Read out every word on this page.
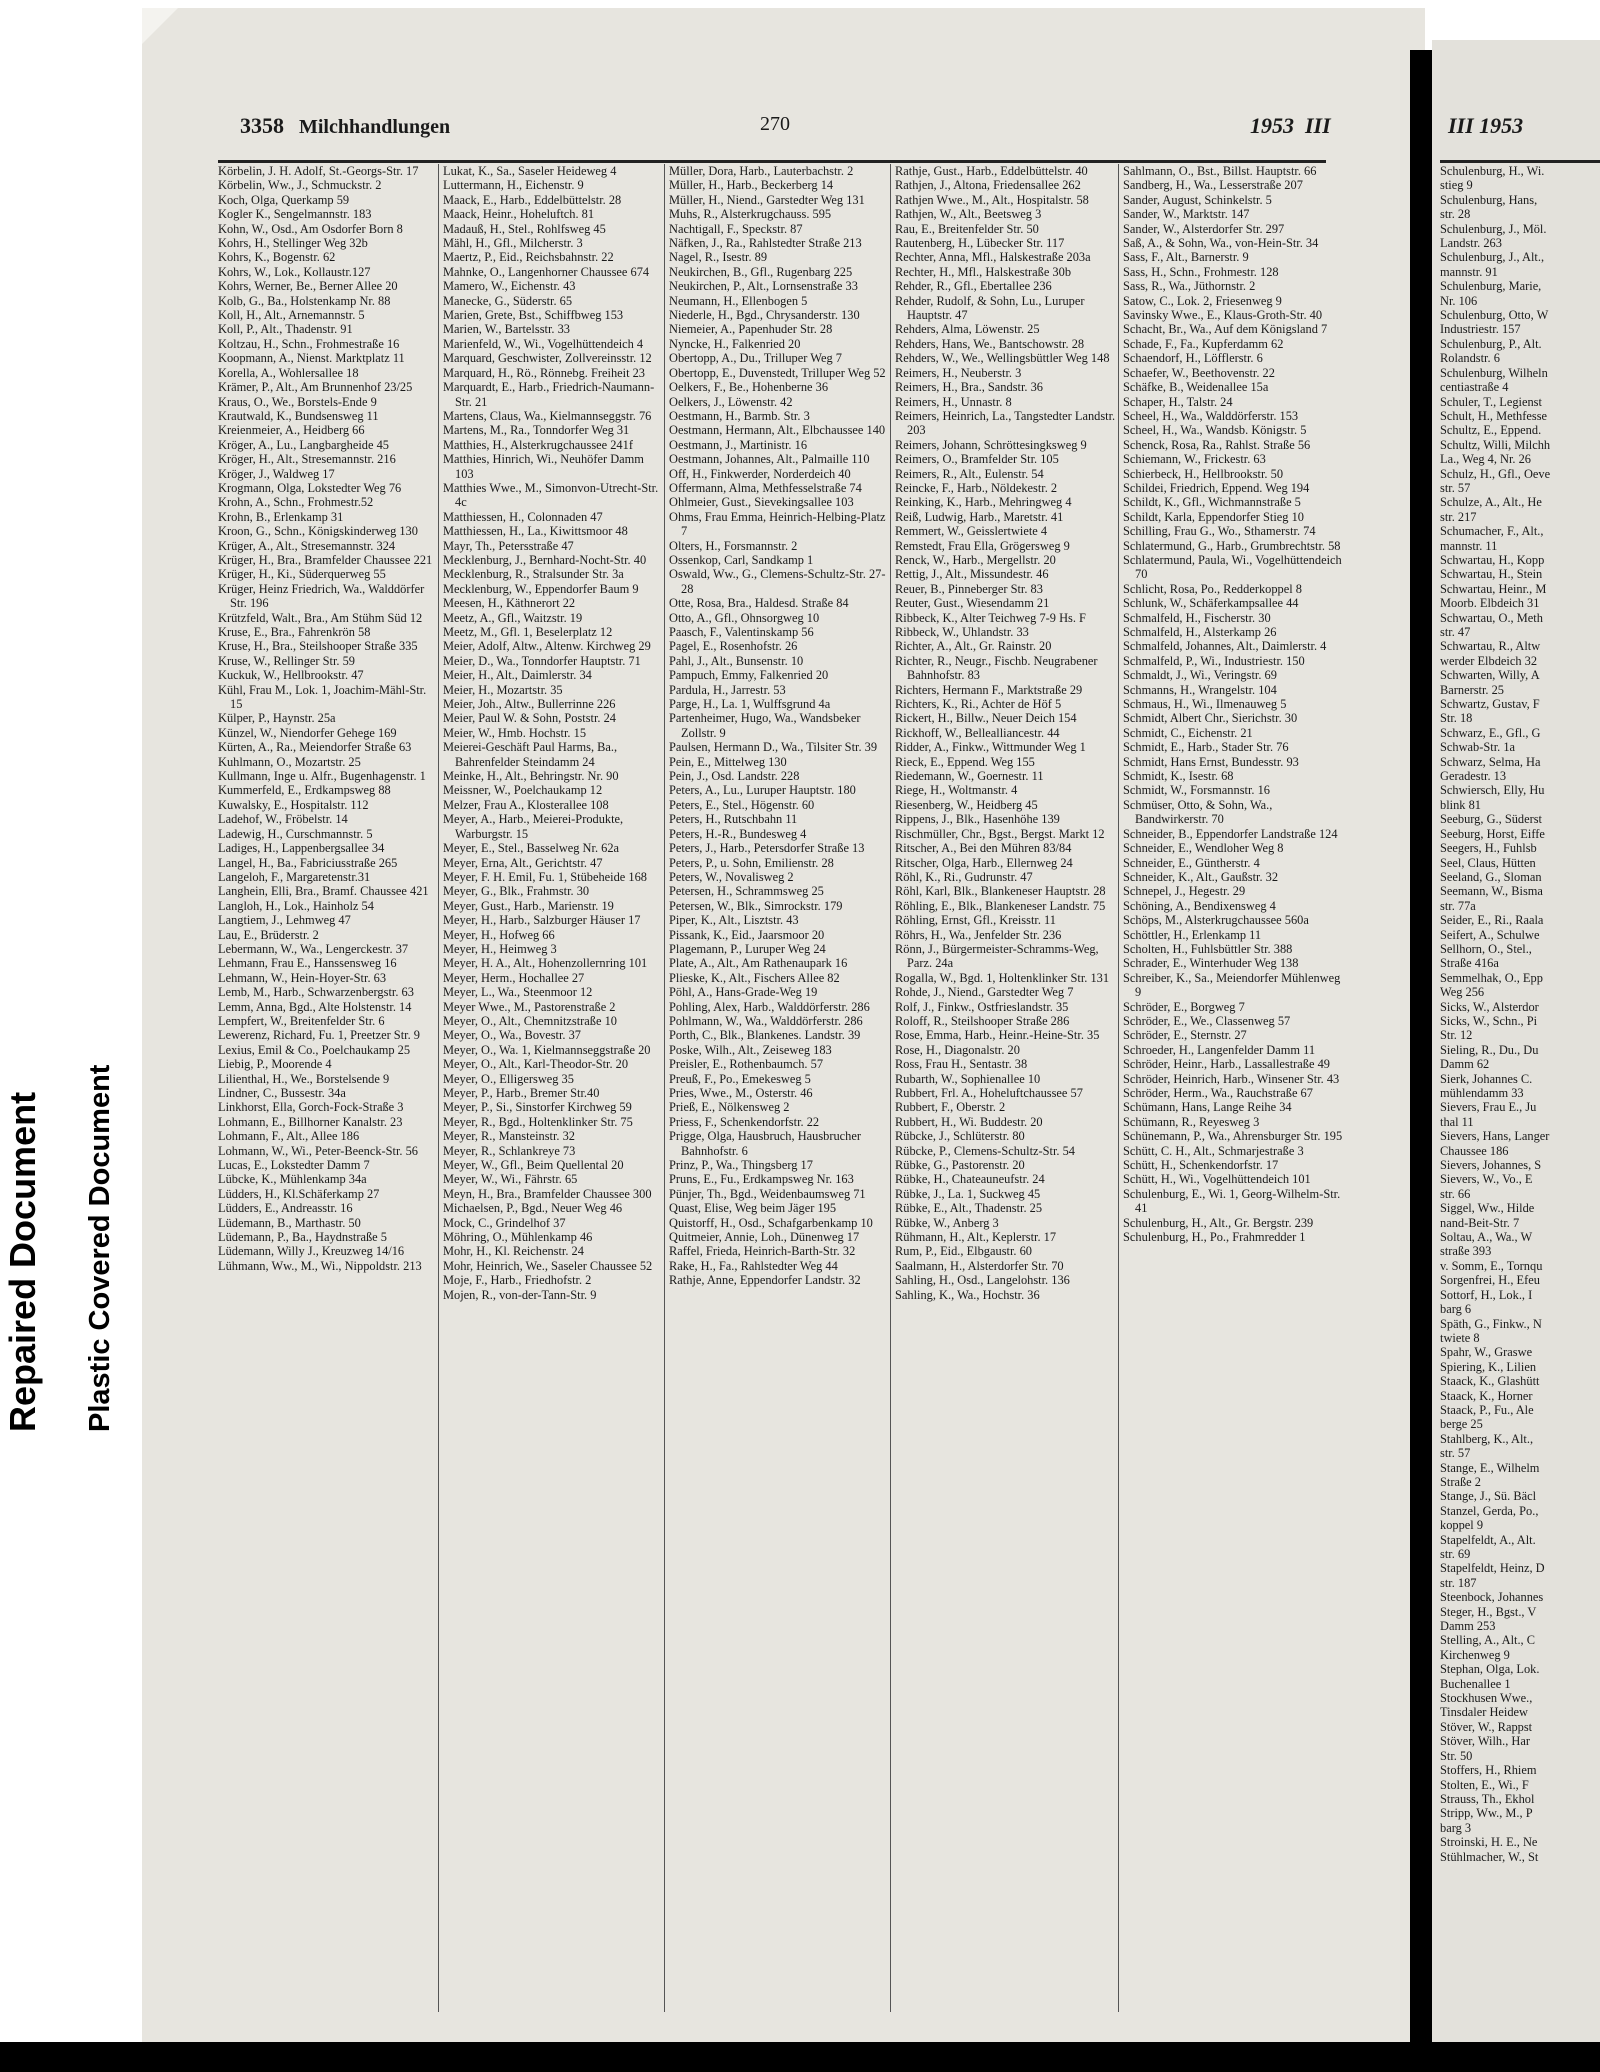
3358 Milchhandlungen	270	1953 III	III 1953

Körbelin, J. H. Adolf, St.-Georgs-Str. 17

Körbelin, Ww., J., Schmuckstr. 2

Koch, Olga, Querkamp 59

Kogler K., Sengelmannstr. 183

Kohn, W., Osd., Am Osdorfer Born 8

Kohrs, H., Stellinger Weg 32b

Kohrs, K., Bogenstr. 62

Kohrs, W., Lok., Kollaustr.127

Kohrs, Werner, Be., Berner Allee 20

Kolb, G., Ba., Holstenkamp Nr. 88

Koll, H., Alt., Arnemannstr. 5

Koll, P., Alt., Thadenstr. 91

Koltzau, H., Schn., Frohmestraße 16

Koopmann, A., Nienst. Marktplatz 11

Korella, A., Wohlersallee 18

Krämer, P., Alt., Am Brunnenhof 23/25

Kraus, O., We., Borstels-Ende 9

Krautwald, K., Bundsensweg 11

Kreienmeier, A., Heidberg 66

Kröger, A., Lu., Langbargheide 45

Kröger, H., Alt., Stresemannstr. 216

Kröger, J., Waldweg 17

Krogmann, Olga, Lokstedter Weg 76

Krohn, A., Schn., Frohmestr.52

Krohn, B., Erlenkamp 31

Kroon, G., Schn., Königskinderweg 130

Krüger, A., Alt., Stresemannstr. 324

Krüger, H., Bra., Bramfelder Chaussee 221

Krüger, H., Ki., Süderquerweg 55

Krüger, Heinz Friedrich, Wa., Walddörfer Str. 196

Krützfeld, Walt., Bra., Am Stühm Süd 12

Kruse, E., Bra., Fahrenkrön 58

Kruse, H., Bra., Steilshooper Straße 335

Kruse, W., Rellinger Str. 59

Kuckuk, W., Hellbrookstr. 47

Kühl, Frau M., Lok. 1, Joachim-Mähl-Str. 15

Külper, P., Haynstr. 25a

Künzel, W., Niendorfer Gehege 169

Kürten, A., Ra., Meiendorfer Straße 63

Kuhlmann, O., Mozartstr. 25

Kullmann, Inge u. Alfr., Bugenhagenstr. 1

Kummerfeld, E., Erdkampsweg 88

Kuwalsky, E., Hospitalstr. 112

Ladehof, W., Fröbelstr. 14

Ladewig, H., Curschmannstr. 5

Ladiges, H., Lappenbergsallee 34

Langel, H., Ba., Fabriciusstraße 265

Langeloh, F., Margaretenstr.31

Langhein, Elli, Bra., Bramf. Chaussee 421

Langloh, H., Lok., Hainholz 54

Langtiem, J., Lehmweg 47

Lau, E., Brüderstr. 2

Lebermann, W., Wa., Lengerckestr. 37

Lehmann, Frau E., Hanssensweg 16

Lehmann, W., Hein-Hoyer-Str. 63

Lemb, M., Harb., Schwarzenbergstr. 63

Lemm, Anna, Bgd., Alte Holstenstr. 14

Lempfert, W., Breitenfelder Str. 6

Lewerenz, Richard, Fu. 1, Preetzer Str. 9

Lexius, Emil & Co., Poelchaukamp 25

Liebig, P., Moorende 4

Lilienthal, H., We., Borstelsende 9

Lindner, C., Bussestr. 34a

Linkhorst, Ella, Gorch-Fock-Straße 3

Lohmann, E., Billhorner Kanalstr. 23

Lohmann, F., Alt., Allee 186

Lohmann, W., Wi., Peter-Beenck-Str. 56

Lucas, E., Lokstedter Damm 7

Lübcke, K., Mühlenkamp 34a

Lüdders, H., Kl.Schäferkamp 27

Lüdders, E., Andreasstr. 16

Lüdemann, B., Marthastr. 50

Lüdemann, P., Ba., Haydnstraße 5

Lüdemann, Willy J., Kreuzweg 14/16

Lühmann, Ww., M., Wi., Nippoldstr. 213

Lukat, K., Sa., Saseler Heideweg 4

Luttermann, H., Eichenstr. 9

Maack, E., Harb., Eddelbüttelstr. 28

Maack, Heinr., Hoheluftch. 81

Madauß, H., Stel., Rohlfsweg 45

Mähl, H., Gfl., Milcherstr. 3

Maertz, P., Eid., Reichsbahnstr. 22

Mahnke, O., Langenhorner Chaussee 674

Mamero, W., Eichenstr. 43

Manecke, G., Süderstr. 65

Marien, Grete, Bst., Schiffbweg 153

Marien, W., Bartelsstr. 33

Marienfeld, W., Wi., Vogelhüttendeich 4

Marquard, Geschwister, Zollvereinsstr. 12

Marquard, H., Rö., Rönnebg. Freiheit 23

Marquardt, E., Harb., Friedrich-Naumann-Str. 21

Martens, Claus, Wa., Kielmannseggstr. 76

Martens, M., Ra., Tonndorfer Weg 31

Matthies, H., Alsterkrugchaussee 241f

Matthies, Hinrich, Wi., Neuhöfer Damm 103

Matthies Wwe., M., Simonvon-Utrecht-Str. 4c

Matthiessen, H., Colonnaden 47

Matthiessen, H., La., Kiwittsmoor 48

Mayr, Th., Petersstraße 47

Mecklenburg, J., Bernhard-Nocht-Str. 40

Mecklenburg, R., Stralsunder Str. 3a

Mecklenburg, W., Eppendorfer Baum 9

Meesen, H., Käthnerort 22

Meetz, A., Gfl., Waitzstr. 19

Meetz, M., Gfl. 1, Beselerplatz 12

Meier, Adolf, Altw., Altenw. Kirchweg 29

Meier, D., Wa., Tonndorfer Hauptstr. 71

Meier, H., Alt., Daimlerstr. 34

Meier, H., Mozartstr. 35

Meier, Joh., Altw., Bullerrinne 226

Meier, Paul W. & Sohn, Poststr. 24

Meier, W., Hmb. Hochstr. 15

Meierei-Geschäft Paul Harms, Ba., Bahrenfelder Steindamm 24

Meinke, H., Alt., Behringstr. Nr. 90

Meissner, W., Poelchaukamp 12

Melzer, Frau A., Klosterallee 108

Meyer, A., Harb., Meierei-Produkte, Warburgstr. 15

Meyer, E., Stel., Basselweg Nr. 62a

Meyer, Erna, Alt., Gerichtstr. 47

Meyer, F. H. Emil, Fu. 1, Stübeheide 168

Meyer, G., Blk., Frahmstr. 30

Meyer, Gust., Harb., Marienstr. 19

Meyer, H., Harb., Salzburger Häuser 17

Meyer, H., Hofweg 66

Meyer, H., Heimweg 3

Meyer, H. A., Alt., Hohenzollernring 101

Meyer, Herm., Hochallee 27

Meyer, L., Wa., Steenmoor 12

Meyer Wwe., M., Pastorenstraße 2

Meyer, O., Alt., Chemnitzstraße 10

Meyer, O., Wa., Bovestr. 37

Meyer, O., Wa. 1, Kielmannseggstraße 20

Meyer, O., Alt., Karl-Theodor-Str. 20

Meyer, O., Elligersweg 35

Meyer, P., Harb., Bremer Str.40

Meyer, P., Si., Sinstorfer Kirchweg 59

Meyer, R., Bgd., Holtenklinker Str. 75

Meyer, R., Mansteinstr. 32

Meyer, R., Schlankreye 73

Meyer, W., Gfl., Beim Quellental 20

Meyer, W., Wi., Fährstr. 65

Meyn, H., Bra., Bramfelder Chaussee 300

Michaelsen, P., Bgd., Neuer Weg 46

Mock, C., Grindelhof 37

Möhring, O., Mühlenkamp 46

Mohr, H., Kl. Reichenstr. 24

Mohr, Heinrich, We., Saseler Chaussee 52

Moje, F., Harb., Friedhofstr. 2

Mojen, R., von-der-Tann-Str. 9

Müller, Dora, Harb., Lauterbachstr. 2

Müller, H., Harb., Beckerberg 14

Müller, H., Niend., Garstedter Weg 131

Muhs, R., Alsterkrugchauss. 595

Nachtigall, F., Speckstr. 87

Näfken, J., Ra., Rahlstedter Straße 213

Nagel, R., Isestr. 89

Neukirchen, B., Gfl., Rugenbarg 225

Neukirchen, P., Alt., Lornsenstraße 33

Neumann, H., Ellenbogen 5

Niederle, H., Bgd., Chrysanderstr. 130

Niemeier, A., Papenhuder Str. 28

Nyncke, H., Falkenried 20

Obertopp, A., Du., Trilluper Weg 7

Obertopp, E., Duvenstedt, Trilluper Weg 52

Oelkers, F., Be., Hohenberne 36

Oelkers, J., Löwenstr. 42

Oestmann, H., Barmb. Str. 3

Oestmann, Hermann, Alt., Elbchaussee 140

Oestmann, J., Martinistr. 16

Oestmann, Johannes, Alt., Palmaille 110

Off, H., Finkwerder, Norderdeich 40

Offermann, Alma, Methfesselstraße 74

Ohlmeier, Gust., Sievekingsallee 103

Ohms, Frau Emma, Heinrich-Helbing-Platz 7

Olters, H., Forsmannstr. 2

Ossenkop, Carl, Sandkamp 1

Oswald, Ww., G., Clemens-Schultz-Str. 27-28

Otte, Rosa, Bra., Haldesd. Straße 84

Otto, A., Gfl., Ohnsorgweg 10

Paasch, F., Valentinskamp 56

Pagel, E., Rosenhofstr. 26

Pahl, J., Alt., Bunsenstr. 10

Pampuch, Emmy, Falkenried 20

Pardula, H., Jarrestr. 53

Parge, H., La. 1, Wulffsgrund 4a

Partenheimer, Hugo, Wa., Wandsbeker Zollstr. 9

Paulsen, Hermann D., Wa., Tilsiter Str. 39

Pein, E., Mittelweg 130

Pein, J., Osd. Landstr. 228

Peters, A., Lu., Luruper Hauptstr. 180

Peters, E., Stel., Högenstr. 60

Peters, H., Rutschbahn 11

Peters, H.-R., Bundesweg 4

Peters, J., Harb., Petersdorfer Straße 13

Peters, P., u. Sohn, Emilienstr. 28

Peters, W., Novalisweg 2

Petersen, H., Schrammsweg 25

Petersen, W., Blk., Simrockstr. 179

Piper, K., Alt., Lisztstr. 43

Pissank, K., Eid., Jaarsmoor 20

Plagemann, P., Luruper Weg 24

Plate, A., Alt., Am Rathenaupark 16

Plieske, K., Alt., Fischers Allee 82

Pöhl, A., Hans-Grade-Weg 19

Pohling, Alex, Harb., Walddörferstr. 286

Pohlmann, W., Wa., Walddörferstr. 286

Porth, C., Blk., Blankenes. Landstr. 39

Poske, Wilh., Alt., Zeiseweg 183

Preisler, E., Rothenbaumch. 57

Preuß, F., Po., Emekesweg 5

Pries, Wwe., M., Osterstr. 46

Prieß, E., Nölkensweg 2

Priess, F., Schenkendorfstr. 22

Prigge, Olga, Hausbruch, Hausbrucher Bahnhofstr. 6

Prinz, P., Wa., Thingsberg 17

Pruns, E., Fu., Erdkampsweg Nr. 163

Pünjer, Th., Bgd., Weidenbaumsweg 71

Quast, Elise, Weg beim Jäger 195

Quistorff, H., Osd., Schafgarbenkamp 10

Quitmeier, Annie, Loh., Dünenweg 17

Raffel, Frieda, Heinrich-Barth-Str. 32

Rake, H., Fa., Rahlstedter Weg 44

Rathje, Anne, Eppendorfer Landstr. 32

Rathje, Gust., Harb., Eddelbüttelstr. 40

Rathjen, J., Altona, Friedensallee 262

Rathjen Wwe., M., Alt., Hospitalstr. 58

Rathjen, W., Alt., Beetsweg 3

Rau, E., Breitenfelder Str. 50

Rautenberg, H., Lübecker Str. 117

Rechter, Anna, Mfl., Halskestraße 203a

Rechter, H., Mfl., Halskestraße 30b

Rehder, R., Gfl., Ebertallee 236

Rehder, Rudolf, & Sohn, Lu., Luruper Hauptstr. 47

Rehders, Alma, Löwenstr. 25

Rehders, Hans, We., Bantschowstr. 28

Rehders, W., We., Wellingsbüttler Weg 148

Reimers, H., Neuberstr. 3

Reimers, H., Bra., Sandstr. 36

Reimers, H., Unnastr. 8

Reimers, Heinrich, La., Tangstedter Landstr. 203

Reimers, Johann, Schröttesingksweg 9

Reimers, O., Bramfelder Str. 105

Reimers, R., Alt., Eulenstr. 54

Reincke, F., Harb., Nöldekestr. 2

Reinking, K., Harb., Mehringweg 4

Reiß, Ludwig, Harb., Maretstr. 41

Remmert, W., Geisslertwiete 4

Remstedt, Frau Ella, Grögersweg 9

Renck, W., Harb., Mergellstr. 20

Rettig, J., Alt., Missundestr. 46

Reuer, B., Pinneberger Str. 83

Reuter, Gust., Wiesendamm 21

Ribbeck, K., Alter Teichweg 7-9 Hs. F

Ribbeck, W., Uhlandstr. 33

Richter, A., Alt., Gr. Rainstr. 20

Richter, R., Neugr., Fischb. Neugrabener Bahnhofstr. 83

Richters, Hermann F., Marktstraße 29

Richters, K., Ri., Achter de Höf 5

Rickert, H., Billw., Neuer Deich 154

Rickhoff, W., Bellealliancestr. 44

Ridder, A., Finkw., Wittmunder Weg 1

Rieck, E., Eppend. Weg 155

Riedemann, W., Goernestr. 11

Riege, H., Woltmanstr. 4

Riesenberg, W., Heidberg 45

Rippens, J., Blk., Hasenhöhe 139

Rischmüller, Chr., Bgst., Bergst. Markt 12

Ritscher, A., Bei den Mühren 83/84

Ritscher, Olga, Harb., Ellernweg 24

Röhl, K., Ri., Gudrunstr. 47

Röhl, Karl, Blk., Blankeneser Hauptstr. 28

Röhling, E., Blk., Blankeneser Landstr. 75

Röhling, Ernst, Gfl., Kreisstr. 11

Röhrs, H., Wa., Jenfelder Str. 236

Rönn, J., Bürgermeister-Schramms-Weg, Parz. 24a

Rogalla, W., Bgd. 1, Holtenklinker Str. 131

Rohde, J., Niend., Garstedter Weg 7

Rolf, J., Finkw., Ostfrieslandstr. 35

Roloff, R., Steilshooper Straße 286

Rose, Emma, Harb., Heinr.-Heine-Str. 35

Rose, H., Diagonalstr. 20

Ross, Frau H., Sentastr. 38

Rubarth, W., Sophienallee 10

Rubbert, Frl. A., Hoheluftchaussee 57

Rubbert, F., Oberstr. 2

Rubbert, H., Wi. Buddestr. 20

Rübcke, J., Schlüterstr. 80

Rübcke, P., Clemens-Schultz-Str. 54

Rübke, G., Pastorenstr. 20

Rübke, H., Chateauneufstr. 24

Rübke, J., La. 1, Suckweg 45

Rübke, E., Alt., Thadenstr. 25

Rübke, W., Anberg 3

Rühmann, H., Alt., Keplerstr. 17

Rum, P., Eid., Elbgaustr. 60

Saalmann, H., Alsterdorfer Str. 70

Sahling, H., Osd., Langelohstr. 136

Sahling, K., Wa., Hochstr. 36

Sahlmann, O., Bst., Billst. Hauptstr. 66

Sandberg, H., Wa., Lesserstraße 207

Sander, August, Schinkelstr. 5

Sander, W., Marktstr. 147

Sander, W., Alsterdorfer Str. 297

Saß, A., & Sohn, Wa., von-Hein-Str. 34

Sass, F., Alt., Barnerstr. 9

Sass, H., Schn., Frohmestr. 128

Sass, R., Wa., Jüthornstr. 2

Satow, C., Lok. 2, Friesenweg 9

Savinsky Wwe., E., Klaus-Groth-Str. 40

Schacht, Br., Wa., Auf dem Königsland 7

Schade, F., Fa., Kupferdamm 62

Schaendorf, H., Löfflerstr. 6

Schaefer, W., Beethovenstr. 22

Schäfke, B., Weidenallee 15a

Schaper, H., Talstr. 24

Scheel, H., Wa., Walddörferstr. 153

Scheel, H., Wa., Wandsb. Königstr. 5

Schenck, Rosa, Ra., Rahlst. Straße 56

Schiemann, W., Frickestr. 63

Schierbeck, H., Hellbrookstr. 50

Schildei, Friedrich, Eppend. Weg 194

Schildt, K., Gfl., Wichmannstraße 5

Schildt, Karla, Eppendorfer Stieg 10

Schilling, Frau G., Wo., Sthamerstr. 74

Schlatermund, G., Harb., Grumbrechtstr. 58

Schlatermund, Paula, Wi., Vogelhüttendeich 70

Schlicht, Rosa, Po., Redderkoppel 8

Schlunk, W., Schäferkampsallee 44

Schmalfeld, H., Fischerstr. 30

Schmalfeld, H., Alsterkamp 26

Schmalfeld, Johannes, Alt., Daimlerstr. 4

Schmalfeld, P., Wi., Industriestr. 150

Schmaldt, J., Wi., Veringstr. 69

Schmanns, H., Wrangelstr. 104

Schmaus, H., Wi., Ilmenauweg 5

Schmidt, Albert Chr., Sierichstr. 30

Schmidt, C., Eichenstr. 21

Schmidt, E., Harb., Stader Str. 76

Schmidt, Hans Ernst, Bundesstr. 93

Schmidt, K., Isestr. 68

Schmidt, W., Forsmannstr. 16

Schmüser, Otto, & Sohn, Wa., Bandwirkerstr. 70

Schneider, B., Eppendorfer Landstraße 124

Schneider, E., Wendloher Weg 8

Schneider, E., Güntherstr. 4

Schneider, K., Alt., Gaußstr. 32

Schnepel, J., Hegestr. 29

Schöning, A., Bendixensweg 4

Schöps, M., Alsterkrugchaussee 560a

Schöttler, H., Erlenkamp 11

Scholten, H., Fuhlsbüttler Str. 388

Schrader, E., Winterhuder Weg 138

Schreiber, K., Sa., Meiendorfer Mühlenweg 9

Schröder, E., Borgweg 7

Schröder, E., We., Classenweg 57

Schröder, E., Sternstr. 27

Schroeder, H., Langenfelder Damm 11

Schröder, Heinr., Harb., Lassallestraße 49

Schröder, Heinrich, Harb., Winsener Str. 43

Schröder, Herm., Wa., Rauchstraße 67

Schümann, Hans, Lange Reihe 34

Schümann, R., Reyesweg 3

Schünemann, P., Wa., Ahrensburger Str. 195

Schütt, C. H., Alt., Schmarjestraße 3

Schütt, H., Schenkendorfstr. 17

Schütt, H., Wi., Vogelhüttendeich 101

Schulenburg, E., Wi. 1, Georg-Wilhelm-Str. 41

Schulenburg, H., Alt., Gr. Bergstr. 239

Schulenburg, H., Po., Frahmredder 1

Schulenburg, H., Wi.
stieg 9
Schulenburg, Hans,
str. 28
Schulenburg, J., Möl.
Landstr. 263
Schulenburg, J., Alt.,
mannstr. 91
Schulenburg, Marie,
Nr. 106
Schulenburg, Otto, W
Industriestr. 157
Schulenburg, P., Alt.
Rolandstr. 6
Schulenburg, Wilheln
centiastraße 4
Schuler, T., Legienst
Schult, H., Methfesse
Schultz, E., Eppend.
Schultz, Willi, Milchh
La., Weg 4, Nr. 26
Schulz, H., Gfl., Oeve
str. 57
Schulze, A., Alt., He
str. 217
Schumacher, F., Alt.,
mannstr. 11
Schwartau, H., Kopp
Schwartau, H., Stein
Schwartau, Heinr., M
Moorb. Elbdeich 31
Schwartau, O., Meth
str. 47
Schwartau, R., Altw
werder Elbdeich 32
Schwarten, Willy, A
Barnerstr. 25
Schwartz, Gustav, F
Str. 18
Schwarz, E., Gfl., G
Schwab-Str. 1a
Schwarz, Selma, Ha
Geradestr. 13
Schwiersch, Elly, Hu
blink 81
Seeburg, G., Süderst
Seeburg, Horst, Eiffe
Seegers, H., Fuhlsb
Seel, Claus, Hütten
Seeland, G., Sloman
Seemann, W., Bisma
str. 77a
Seider, E., Ri., Raala
Seifert, A., Schulwe
Sellhorn, O., Stel.,
Straße 416a
Semmelhak, O., Epp
Weg 256
Sicks, W., Alsterdor
Sicks, W., Schn., Pi
Str. 12
Sieling, R., Du., Du
Damm 62
Sierk, Johannes C.
mühlendamm 33
Sievers, Frau E., Ju
thal 11
Sievers, Hans, Langer
Chaussee 186
Sievers, Johannes, S
Sievers, W., Vo., E
str. 66
Siggel, Ww., Hilde
nand-Beit-Str. 7
Soltau, A., Wa., W
straße 393
v. Somm, E., Tornqu
Sorgenfrei, H., Efeu
Sottorf, H., Lok., I
barg 6
Späth, G., Finkw., N
twiete 8
Spahr, W., Graswe
Spiering, K., Lilien
Staack, K., Glashütt
Staack, K., Horner
Staack, P., Fu., Ale
berge 25
Stahlberg, K., Alt.,
str. 57
Stange, E., Wilhelm
Straße 2
Stange, J., Sü. Bäcl
Stanzel, Gerda, Po.,
koppel 9
Stapelfeldt, A., Alt.
str. 69
Stapelfeldt, Heinz, D
str. 187
Steenbock, Johannes
Steger, H., Bgst., V
Damm 253
Stelling, A., Alt., C
Kirchenweg 9
Stephan, Olga, Lok.
Buchenallee 1
Stockhusen Wwe.,
Tinsdaler Heidew
Stöver, W., Rappst
Stöver, Wilh., Har
Str. 50
Stoffers, H., Rhiem
Stolten, E., Wi., F
Strauss, Th., Ekhol
Stripp, Ww., M., P
barg 3
Stroinski, H. E., Ne
Stühlmacher, W., St
Repaired Document Plastic Covered Document
